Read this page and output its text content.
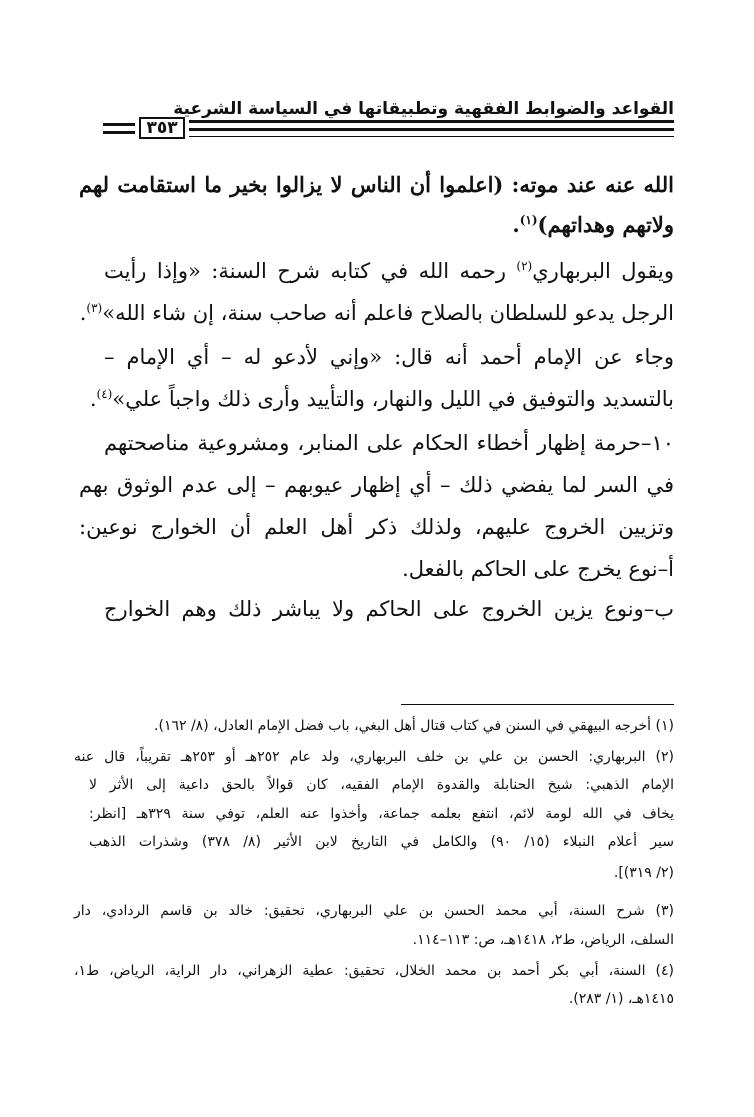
القواعد والضوابط الفقهية وتطبيقاتها في السياسة الشرعية
٣٥٣
الله عنه عند موته: (اعلموا أن الناس لا يزالوا بخير ما استقامت لهم
ولاتهم وهداتهم)$^{(١)}$.
ويقول البربهاري$^{(٢)}$ رحمه الله في كتابه شرح السنة: «وإذا رأيت
الرجل يدعو للسلطان بالصلاح فاعلم أنه صاحب سنة، إن شاء الله»$^{(٣)}$.
وجاء عن الإمام أحمد أنه قال: «وإني لأدعو له – أي الإمام –
بالتسديد والتوفيق في الليل والنهار، والتأييد وأرى ذلك واجباً علي»$^{(٤)}$.
١٠–حرمة إظهار أخطاء الحكام على المنابر، ومشروعية مناصحتهم
في السر لما يفضي ذلك – أي إظهار عيوبهم – إلى عدم الوثوق بهم
وتزيين الخروج عليهم، ولذلك ذكر أهل العلم أن الخوارج نوعين:
أ–نوع يخرج على الحاكم بالفعل.
ب–ونوع يزين الخروج على الحاكم ولا يباشر ذلك وهم الخوارج
(١) أخرجه البيهقي في السنن في كتاب قتال أهل البغي، باب فضل الإمام العادل، (٨/ ١٦٢).
(٢) البربهاري: الحسن بن علي بن خلف البربهاري، ولد عام ٢٥٢هـ أو ٢٥٣هـ تقريباً، قال عنه
الإمام الذهبي: شيخ الحنابلة والقدوة الإمام الفقيه، كان قوالاً بالحق داعية إلى الأثر لا
يخاف في الله لومة لائم، انتفع بعلمه جماعة، وأخذوا عنه العلم، توفي سنة ٣٢٩هـ [انظر:
سير أعلام النبلاء (١٥/ ٩٠) والكامل في التاريخ لابن الأثير (٨/ ٣٧٨) وشذرات الذهب
(٢/ ٣١٩)].
(٣) شرح السنة، أبي محمد الحسن بن علي البربهاري، تحقيق: خالد بن قاسم الردادي، دار
السلف، الرياض، ط٢، ١٤١٨هـ، ص: ١١٣–١١٤.
(٤) السنة، أبي بكر أحمد بن محمد الخلال، تحقيق: عطية الزهراني، دار الراية، الرياض، ط١،
١٤١٥هـ، (١/ ٢٨٣).
